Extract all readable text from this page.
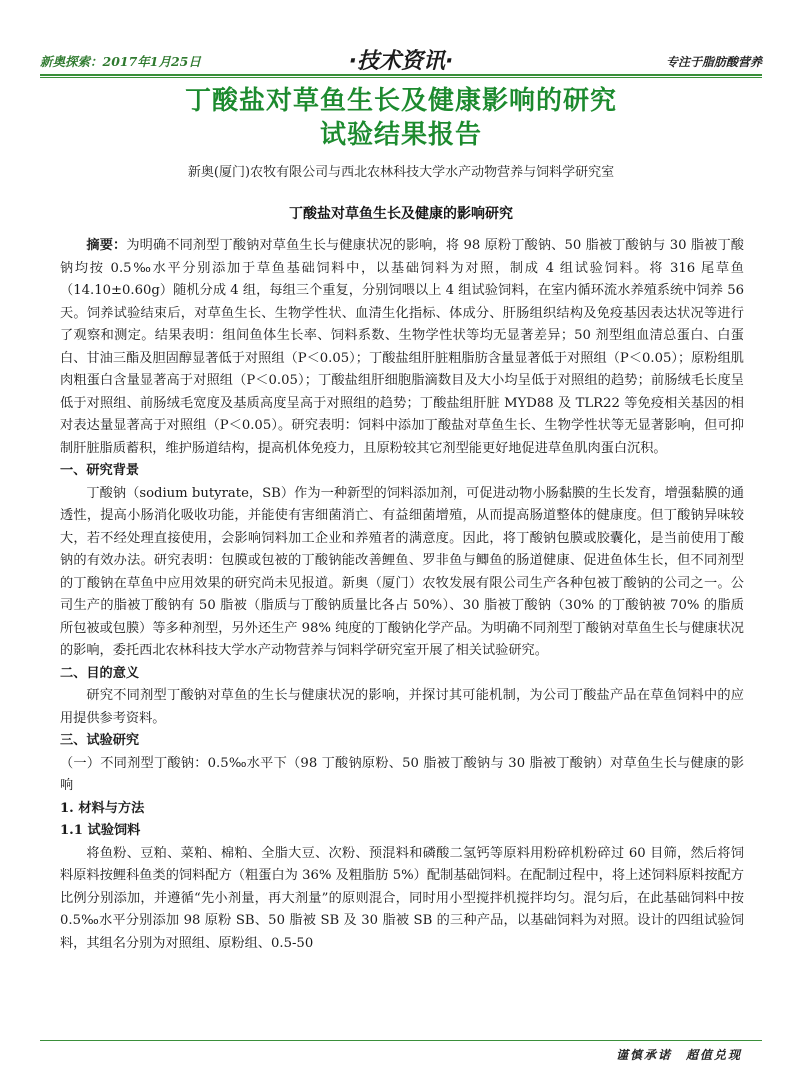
新奥探索：2017年1月25日	·技术资讯·	专注于脂肪酸营养
丁酸盐对草鱼生长及健康影响的研究
试验结果报告
新奥(厦门)农牧有限公司与西北农林科技大学水产动物营养与饲料学研究室
丁酸盐对草鱼生长及健康的影响研究

摘要：为明确不同剂型丁酸钠对草鱼生长与健康状况的影响，将 98 原粉丁酸钠、50 脂被丁酸钠与 30 脂被丁酸钠均按 0.5‰水平分别添加于草鱼基础饲料中，以基础饲料为对照，制成 4 组试验饲料。将 316 尾草鱼（14.10±0.60g）随机分成 4 组，每组三个重复，分别饲喂以上 4 组试验饲料，在室内循环流水养殖系统中饲养 56 天。饲养试验结束后，对草鱼生长、生物学性状、血清生化指标、体成分、肝肠组织结构及免疫基因表达状况等进行了观察和测定。结果表明：组间鱼体生长率、饲料系数、生物学性状等均无显著差异；50 剂型组血清总蛋白、白蛋白、甘油三酯及胆固醇显著低于对照组（P＜0.05）；丁酸盐组肝脏粗脂肪含量显著低于对照组（P＜0.05）；原粉组肌肉粗蛋白含量显著高于对照组（P＜0.05）；丁酸盐组肝细胞脂滴数目及大小均呈低于对照组的趋势；前肠绒毛长度呈低于对照组、前肠绒毛宽度及基质高度呈高于对照组的趋势；丁酸盐组肝脏 MYD88 及 TLR22 等免疫相关基因的相对表达量显著高于对照组（P＜0.05）。研究表明：饲料中添加丁酸盐对草鱼生长、生物学性状等无显著影响，但可抑制肝脏脂质蓄积，维护肠道结构，提高机体免疫力，且原粉较其它剂型能更好地促进草鱼肌肉蛋白沉积。

一、研究背景

丁酸钠（sodium butyrate，SB）作为一种新型的饲料添加剂，可促进动物小肠黏膜的生长发育，增强黏膜的通透性，提高小肠消化吸收功能，并能使有害细菌消亡、有益细菌增殖，从而提高肠道整体的健康度。但丁酸钠异味较大，若不经处理直接使用，会影响饲料加工企业和养殖者的满意度。因此，将丁酸钠包膜或胶囊化，是当前使用丁酸钠的有效办法。研究表明：包膜或包被的丁酸钠能改善鲤鱼、罗非鱼与鲫鱼的肠道健康、促进鱼体生长，但不同剂型的丁酸钠在草鱼中应用效果的研究尚未见报道。新奥（厦门）农牧发展有限公司生产各种包被丁酸钠的公司之一。公司生产的脂被丁酸钠有 50 脂被（脂质与丁酸钠质量比各占 50%）、30 脂被丁酸钠（30% 的丁酸钠被 70% 的脂质所包被或包膜）等多种剂型，另外还生产 98% 纯度的丁酸钠化学产品。为明确不同剂型丁酸钠对草鱼生长与健康状况的影响，委托西北农林科技大学水产动物营养与饲料学研究室开展了相关试验研究。

二、目的意义

研究不同剂型丁酸钠对草鱼的生长与健康状况的影响，并探讨其可能机制，为公司丁酸盐产品在草鱼饲料中的应用提供参考资料。

三、试验研究

（一）不同剂型丁酸钠：0.5‰水平下（98 丁酸钠原粉、50 脂被丁酸钠与 30 脂被丁酸钠）对草鱼生长与健康的影响

1. 材料与方法

1.1 试验饲料

将鱼粉、豆粕、菜粕、棉粕、全脂大豆、次粉、预混料和磷酸二氢钙等原料用粉碎机粉碎过 60 目筛，然后将饲料原料按鲤科鱼类的饲料配方（粗蛋白为 36% 及粗脂肪 5%）配制基础饲料。在配制过程中，将上述饲料原料按配方比例分别添加，并遵循“先小剂量，再大剂量”的原则混合，同时用小型搅拌机搅拌均匀。混匀后，在此基础饲料中按 0.5‰水平分别添加 98 原粉 SB、50 脂被 SB 及 30 脂被 SB 的三种产品，以基础饲料为对照。设计的四组试验饲料，其组名分别为对照组、原粉组、0.5-50

谨慎承诺　超值兑现
